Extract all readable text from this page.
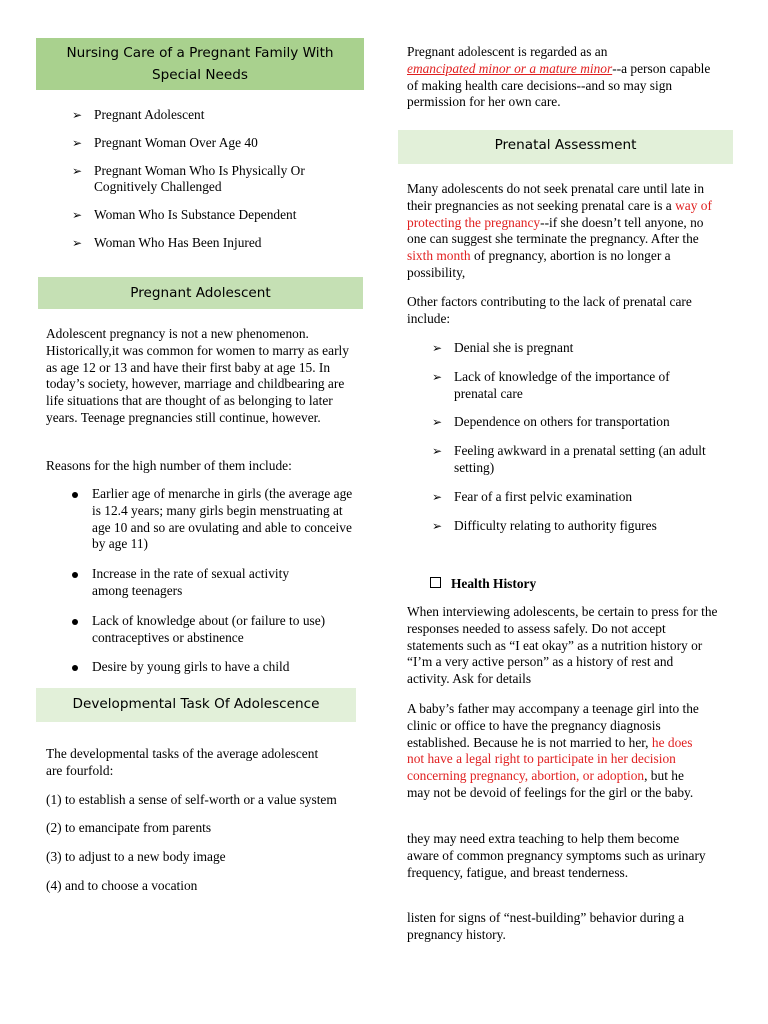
Nursing Care of a Pregnant Family With
Special Needs
➢ Pregnant Adolescent
➢ Pregnant Woman Over Age 40
➢ Pregnant Woman Who Is Physically Or Cognitively Challenged
➢ Woman Who Is Substance Dependent
➢ Woman Who Has Been Injured
Pregnant Adolescent

Adolescent pregnancy is not a new phenomenon. Historically,it was common for women to marry as early as age 12 or 13 and have their first baby at age 15. In today’s society, however, marriage and childbearing are life situations that are thought of as belonging to later years. Teenage pregnancies still continue, however.

Reasons for the high number of them include:

Earlier age of menarche in girls (the average age is 12.4 years; many girls begin menstruating at age 10 and so are ovulating and able to conceive by age 11)
Increase in the rate of sexual activity among teenagers
Lack of knowledge about (or failure to use) contraceptives or abstinence
Desire by young girls to have a child
Developmental Task Of Adolescence

The developmental tasks of the average adolescent are fourfold:

(1) to establish a sense of self-worth or a value system

(2) to emancipate from parents

(3) to adjust to a new body image

(4) and to choose a vocation

Pregnant adolescent is regarded as an
emancipated minor or a mature minor--a person capable of making health care decisions--and so may sign permission for her own care.

Prenatal Assessment

Many adolescents do not seek prenatal care until late in their pregnancies as not seeking prenatal care is a way of protecting the pregnancy--if she doesn’t tell anyone, no one can suggest she terminate the pregnancy. After the sixth month of pregnancy, abortion is no longer a possibility,

Other factors contributing to the lack of prenatal care include:

➢ Denial she is pregnant
➢ Lack of knowledge of the importance of prenatal care
➢ Dependence on others for transportation
➢ Feeling awkward in a prenatal setting (an adult setting)
➢ Fear of a first pelvic examination
➢ Difficulty relating to authority figures
Health History

When interviewing adolescents, be certain to press for the responses needed to assess safely. Do not accept statements such as “I eat okay” as a nutrition history or “I’m a very active person” as a history of rest and activity. Ask for details

A baby’s father may accompany a teenage girl into the clinic or office to have the pregnancy diagnosis established. Because he is not married to her, he does not have a legal right to participate in her decision concerning pregnancy, abortion, or adoption, but he may not be devoid of feelings for the girl or the baby.

they may need extra teaching to help them become aware of common pregnancy symptoms such as urinary frequency, fatigue, and breast tenderness.

listen for signs of “nest-building” behavior during a pregnancy history.
